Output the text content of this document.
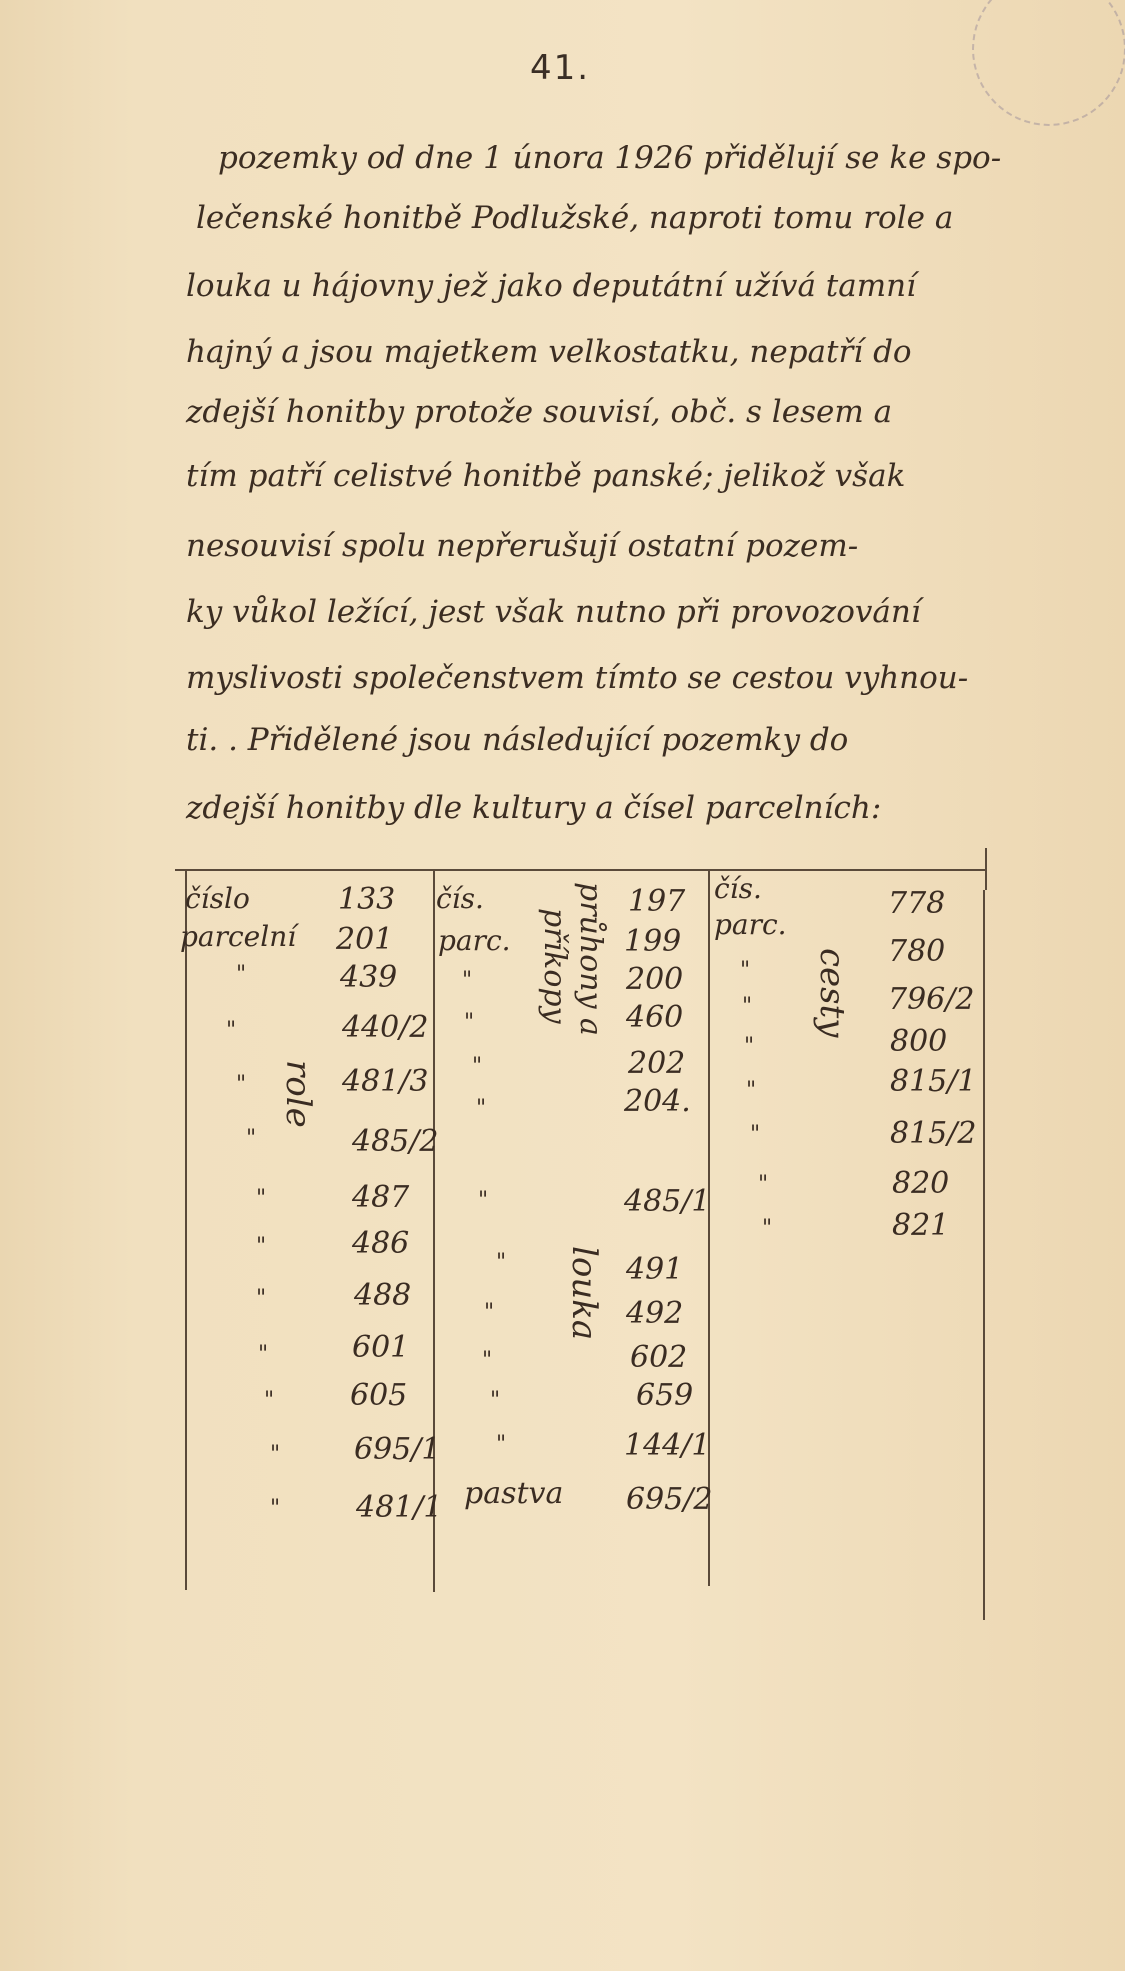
41.
pozemky od dne 1 února 1926 přidělují se ke spo-
lečenské honitbě Podlužské, naproti tomu role a
louka u hájovny jež jako deputátní užívá tamní
hajný a jsou majetkem velkostatku, nepatří do
zdejší honitby protože souvisí, obč. s lesem a
tím patří celistvé honitbě panské; jelikož však
nesouvisí spolu nepřerušují ostatní pozem-
ky vůkol ležící, jest však nutno při provozování
myslivosti společenstvem tímto se cestou vyhnou-
ti. . Přidělené jsou následující pozemky do
zdejší honitby dle kultury a čísel parcelních:
číslo
parcelní
role
133
201
439
440/2
481/3
485/2
487
486
488
601
605
695/1
481/1
"
"
"
"
"
"
"
"
"
"
"
čís.
parc. průhony a
příkopy
197
199
200
460
202
204.
485/1
louka 491
492
602
659
144/1
pastva 695/2
"
"
"
"
"
"
"
"
"
"
čís.
parc.
cesty
778
780
796/2
800
815/1
815/2
820
821
"
"
"
"
"
"
"
